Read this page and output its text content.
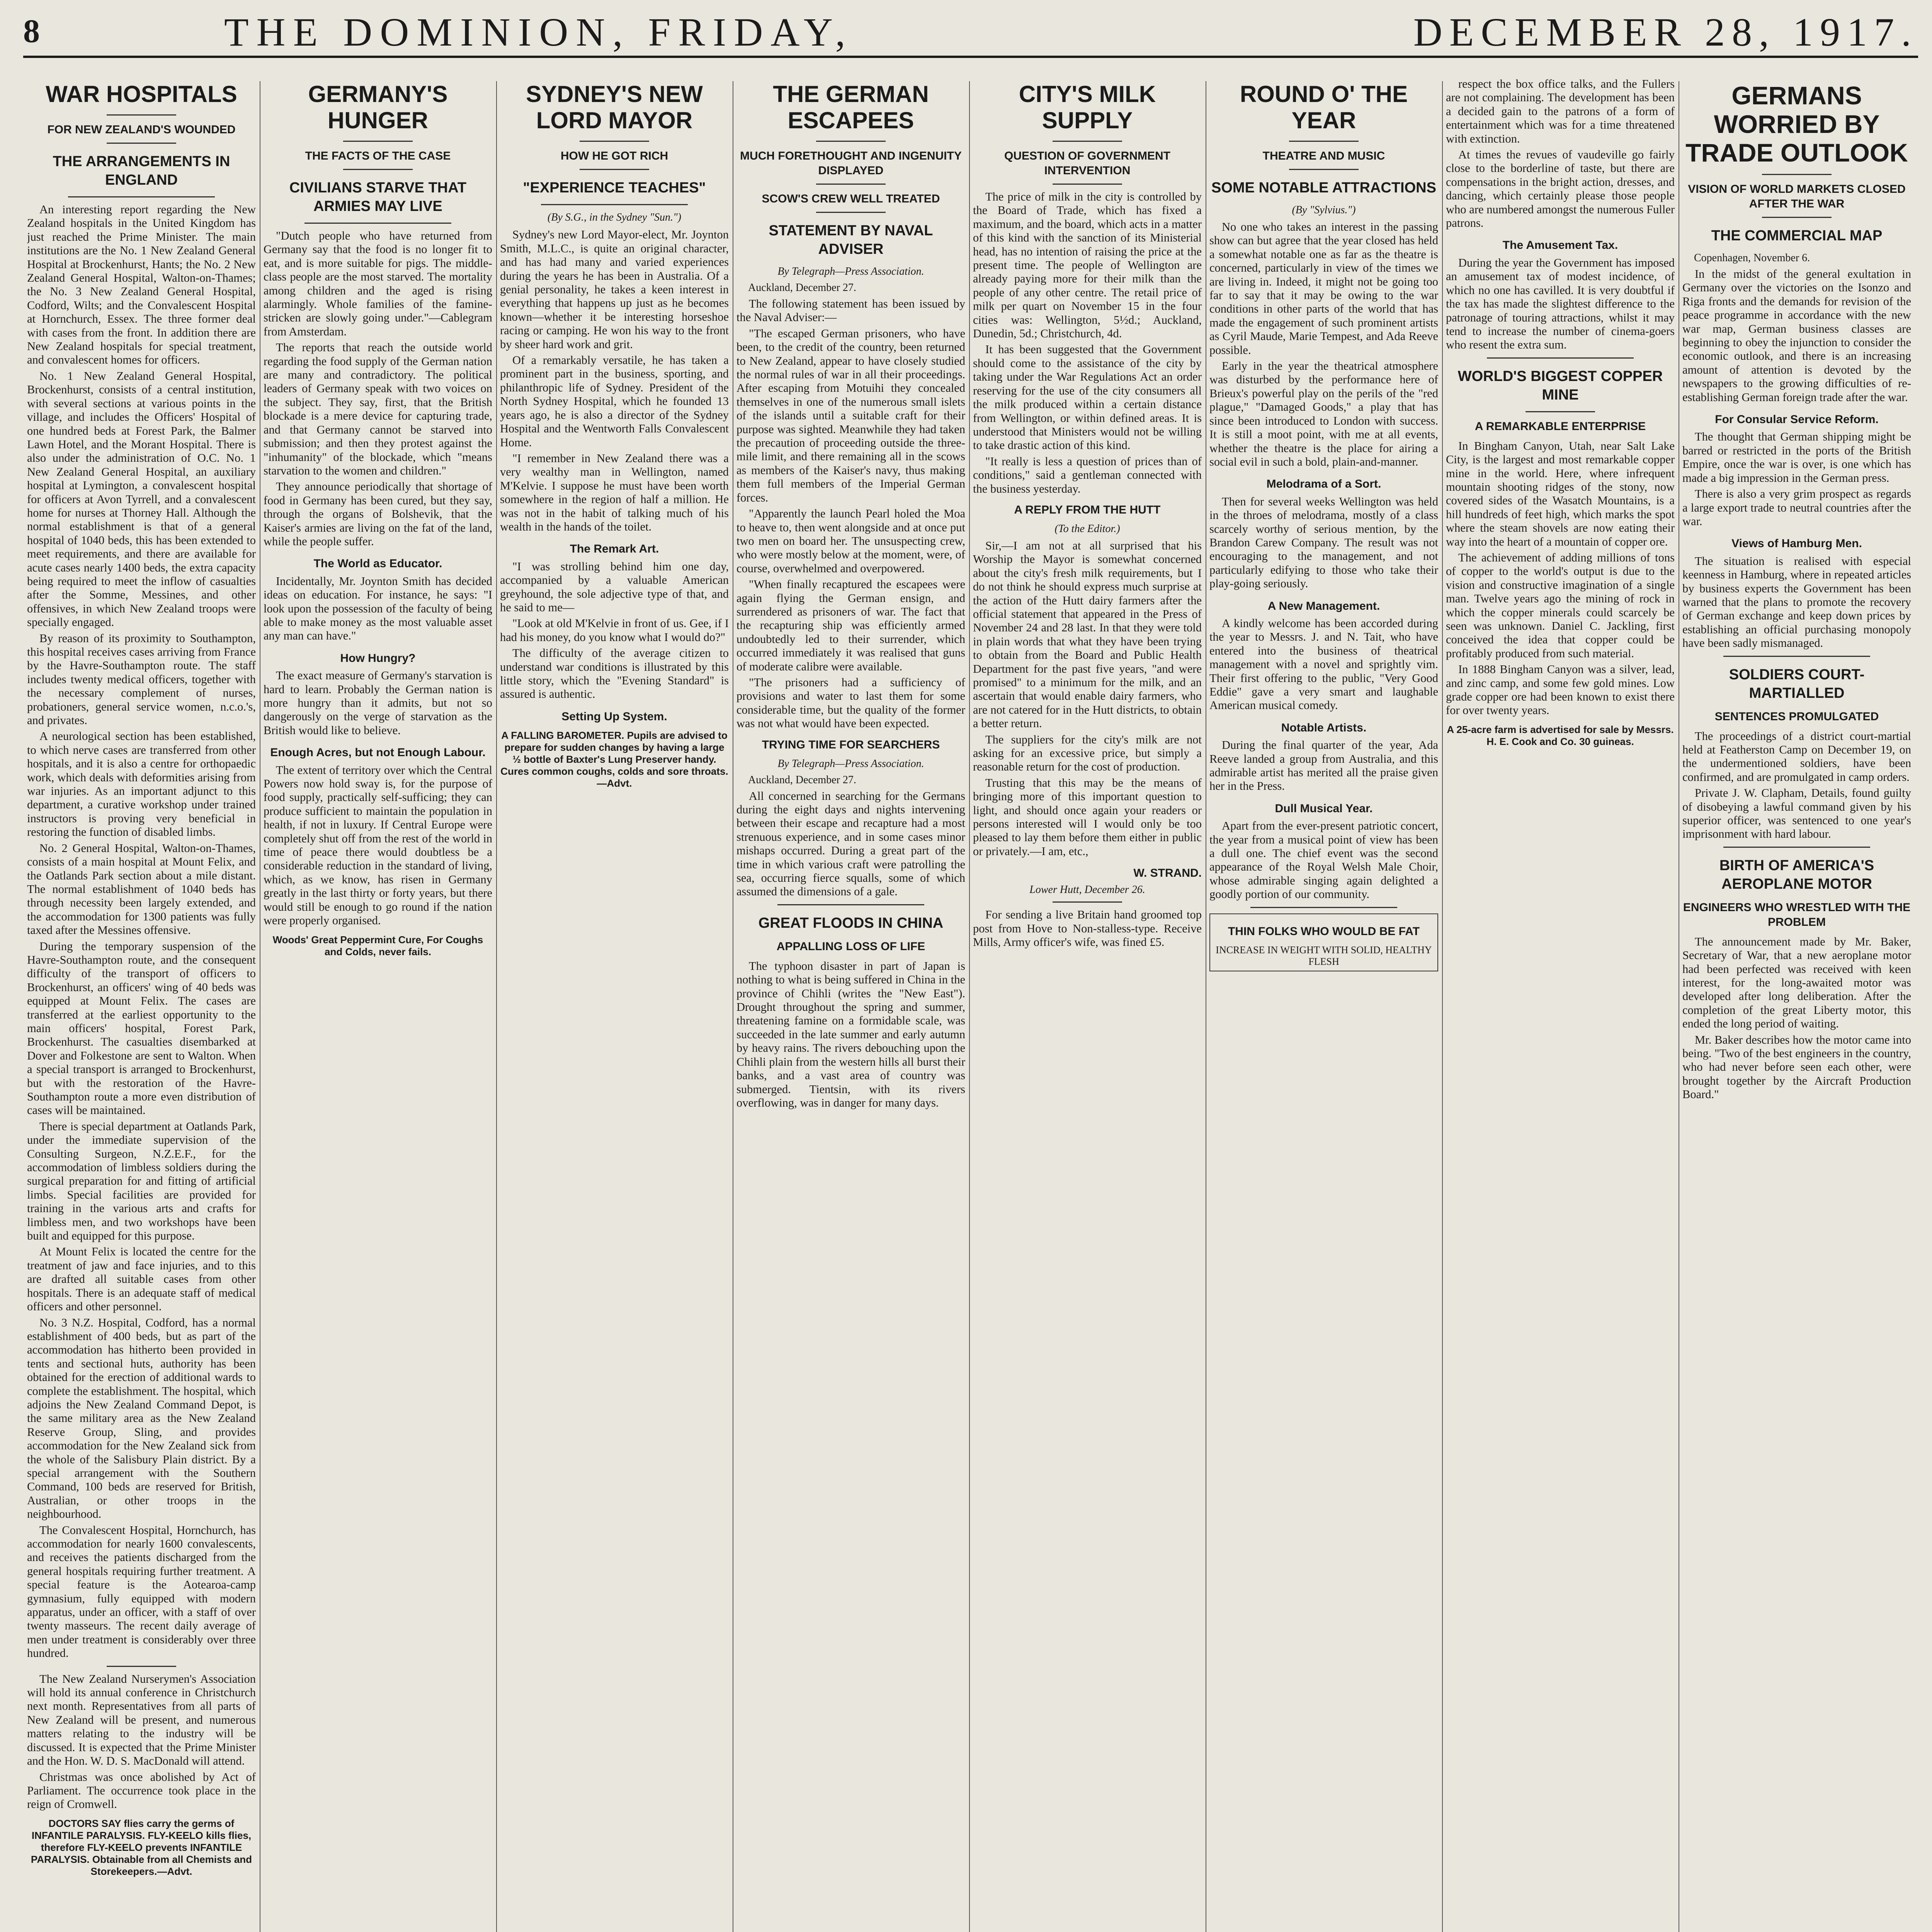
8	THE DOMINION, FRIDAY,	DECEMBER 28, 1917.
WAR HOSPITALS
FOR NEW ZEALAND'S WOUNDED
THE ARRANGEMENTS IN ENGLAND

An interesting report regarding the New Zealand hospitals in the United Kingdom has just reached the Prime Minister. The main institutions are the No. 1 New Zealand General Hospital at Brockenhurst, Hants; the No. 2 New Zealand General Hospital, Walton-on-Thames; the No. 3 New Zealand General Hospital, Codford, Wilts; and the Convalescent Hospital at Hornchurch, Essex. The three former deal with cases from the front. In addition there are New Zealand hospitals for special treatment, and convalescent homes for officers.

No. 1 New Zealand General Hospital, Brockenhurst, consists of a central institution, with several sections at various points in the village, and includes the Officers' Hospital of one hundred beds at Forest Park, the Balmer Lawn Hotel, and the Morant Hospital. There is also under the administration of O.C. No. 1 New Zealand General Hospital, an auxiliary hospital at Lymington, a convalescent hospital for officers at Avon Tyrrell, and a convalescent home for nurses at Thorney Hall. Although the normal establishment is that of a general hospital of 1040 beds, this has been extended to meet requirements, and there are available for acute cases nearly 1400 beds, the extra capacity being required to meet the inflow of casualties after the Somme, Messines, and other offensives, in which New Zealand troops were specially engaged.

By reason of its proximity to Southampton, this hospital receives cases arriving from France by the Havre-Southampton route. The staff includes twenty medical officers, together with the necessary complement of nurses, probationers, general service women, n.c.o.'s, and privates.

A neurological section has been established, to which nerve cases are transferred from other hospitals, and it is also a centre for orthopaedic work, which deals with deformities arising from war injuries. As an important adjunct to this department, a curative workshop under trained instructors is proving very beneficial in restoring the function of disabled limbs.

No. 2 General Hospital, Walton-on-Thames, consists of a main hospital at Mount Felix, and the Oatlands Park section about a mile distant. The normal establishment of 1040 beds has through necessity been largely extended, and the accommodation for 1300 patients was fully taxed after the Messines offensive.

During the temporary suspension of the Havre-Southampton route, and the consequent difficulty of the transport of officers to Brockenhurst, an officers' wing of 40 beds was equipped at Mount Felix. The cases are transferred at the earliest opportunity to the main officers' hospital, Forest Park, Brockenhurst. The casualties disembarked at Dover and Folkestone are sent to Walton. When a special transport is arranged to Brockenhurst, but with the restoration of the Havre-Southampton route a more even distribution of cases will be maintained.

There is special department at Oatlands Park, under the immediate supervision of the Consulting Surgeon, N.Z.E.F., for the accommodation of limbless soldiers during the surgical preparation for and fitting of artificial limbs. Special facilities are provided for training in the various arts and crafts for limbless men, and two workshops have been built and equipped for this purpose.

At Mount Felix is located the centre for the treatment of jaw and face injuries, and to this are drafted all suitable cases from other hospitals. There is an adequate staff of medical officers and other personnel.

No. 3 N.Z. Hospital, Codford, has a normal establishment of 400 beds, but as part of the accommodation has hitherto been provided in tents and sectional huts, authority has been obtained for the erection of additional wards to complete the establishment. The hospital, which adjoins the New Zealand Command Depot, is the same military area as the New Zealand Reserve Group, Sling, and provides accommodation for the New Zealand sick from the whole of the Salisbury Plain district. By a special arrangement with the Southern Command, 100 beds are reserved for British, Australian, or other troops in the neighbourhood.

The Convalescent Hospital, Hornchurch, has accommodation for nearly 1600 convalescents, and receives the patients discharged from the general hospitals requiring further treatment. A special feature is the Aotearoa-camp gymnasium, fully equipped with modern apparatus, under an officer, with a staff of over twenty masseurs. The recent daily average of men under treatment is considerably over three hundred.

The New Zealand Nurserymen's Association will hold its annual conference in Christchurch next month. Representatives from all parts of New Zealand will be present, and numerous matters relating to the industry will be discussed. It is expected that the Prime Minister and the Hon. W. D. S. MacDonald will attend.

Christmas was once abolished by Act of Parliament. The occurrence took place in the reign of Cromwell.

DOCTORS SAY flies carry the germs of INFANTILE PARALYSIS. FLY-KEELO kills flies, therefore FLY-KEELO prevents INFANTILE PARALYSIS. Obtainable from all Chemists and Storekeepers.—Advt.
GERMANY'S HUNGER
THE FACTS OF THE CASE
CIVILIANS STARVE THAT ARMIES MAY LIVE

"Dutch people who have returned from Germany say that the food is no longer fit to eat, and is more suitable for pigs. The middle-class people are the most starved. The mortality among children and the aged is rising alarmingly. Whole families of the famine-stricken are slowly going under."—Cablegram from Amsterdam.

The reports that reach the outside world regarding the food supply of the German nation are many and contradictory. The political leaders of Germany speak with two voices on the subject. They say, first, that the British blockade is a mere device for capturing trade, and that Germany cannot be starved into submission; and then they protest against the "inhumanity" of the blockade, which "means starvation to the women and children."

They announce periodically that shortage of food in Germany has been cured, but they say, through the organs of Bolshevik, that the Kaiser's armies are living on the fat of the land, while the people suffer.

The World as Educator.

Incidentally, Mr. Joynton Smith has decided ideas on education. For instance, he says: "I look upon the possession of the faculty of being able to make money as the most valuable asset any man can have."

How Hungry?

The exact measure of Germany's starvation is hard to learn. Probably the German nation is more hungry than it admits, but not so dangerously on the verge of starvation as the British would like to believe.

Enough Acres, but not Enough Labour.

The extent of territory over which the Central Powers now hold sway is, for the purpose of food supply, practically self-sufficing; they can produce sufficient to maintain the population in health, if not in luxury. If Central Europe were completely shut off from the rest of the world in time of peace there would doubtless be a considerable reduction in the standard of living, which, as we know, has risen in Germany greatly in the last thirty or forty years, but there would still be enough to go round if the nation were properly organised.

Woods' Great Peppermint Cure, For Coughs and Colds, never fails.
SYDNEY'S NEW LORD MAYOR
HOW HE GOT RICH
"EXPERIENCE TEACHES"
(By S.G., in the Sydney "Sun.")

Sydney's new Lord Mayor-elect, Mr. Joynton Smith, M.L.C., is quite an original character, and has had many and varied experiences during the years he has been in Australia. Of a genial personality, he takes a keen interest in everything that happens up just as he becomes known—whether it be interesting horseshoe racing or camping. He won his way to the front by sheer hard work and grit.

Of a remarkably versatile, he has taken a prominent part in the business, sporting, and philanthropic life of Sydney. President of the North Sydney Hospital, which he founded 13 years ago, he is also a director of the Sydney Hospital and the Wentworth Falls Convalescent Home.

"I remember in New Zealand there was a very wealthy man in Wellington, named M'Kelvie. I suppose he must have been worth somewhere in the region of half a million. He was not in the habit of talking much of his wealth in the hands of the toilet.

The Remark Art.

"I was strolling behind him one day, accompanied by a valuable American greyhound, the sole adjective type of that, and he said to me—

"Look at old M'Kelvie in front of us. Gee, if I had his money, do you know what I would do?"

The difficulty of the average citizen to understand war conditions is illustrated by this little story, which the "Evening Standard" is assured is authentic.

Setting Up System.
A FALLING BAROMETER. Pupils are advised to prepare for sudden changes by having a large ½ bottle of Baxter's Lung Preserver handy. Cures common coughs, colds and sore throats.—Advt.
THE GERMAN ESCAPEES
MUCH FORETHOUGHT AND INGENUITY DISPLAYED
SCOW'S CREW WELL TREATED
STATEMENT BY NAVAL ADVISER
By Telegraph—Press Association.
Auckland, December 27.

The following statement has been issued by the Naval Adviser:—

"The escaped German prisoners, who have been, to the credit of the country, been returned to New Zealand, appear to have closely studied the normal rules of war in all their proceedings. After escaping from Motuihi they concealed themselves in one of the numerous small islets of the islands until a suitable craft for their purpose was sighted. Meanwhile they had taken the precaution of proceeding outside the three-mile limit, and there remaining all in the scows as members of the Kaiser's navy, thus making them full members of the Imperial German forces.

"Apparently the launch Pearl holed the Moa to heave to, then went alongside and at once put two men on board her. The unsuspecting crew, who were mostly below at the moment, were, of course, overwhelmed and overpowered.

"When finally recaptured the escapees were again flying the German ensign, and surrendered as prisoners of war. The fact that the recapturing ship was efficiently armed undoubtedly led to their surrender, which occurred immediately it was realised that guns of moderate calibre were available.

"The prisoners had a sufficiency of provisions and water to last them for some considerable time, but the quality of the former was not what would have been expected.

TRYING TIME FOR SEARCHERS
By Telegraph—Press Association.
Auckland, December 27.

All concerned in searching for the Germans during the eight days and nights intervening between their escape and recapture had a most strenuous experience, and in some cases minor mishaps occurred. During a great part of the time in which various craft were patrolling the sea, occurring fierce squalls, some of which assumed the dimensions of a gale.

GREAT FLOODS IN CHINA
APPALLING LOSS OF LIFE

The typhoon disaster in part of Japan is nothing to what is being suffered in China in the province of Chihli (writes the "New East"). Drought throughout the spring and summer, threatening famine on a formidable scale, was succeeded in the late summer and early autumn by heavy rains. The rivers debouching upon the Chihli plain from the western hills all burst their banks, and a vast area of country was submerged. Tientsin, with its rivers overflowing, was in danger for many days.

CITY'S MILK SUPPLY
QUESTION OF GOVERNMENT INTERVENTION

The price of milk in the city is controlled by the Board of Trade, which has fixed a maximum, and the board, which acts in a matter of this kind with the sanction of its Ministerial head, has no intention of raising the price at the present time. The people of Wellington are already paying more for their milk than the people of any other centre. The retail price of milk per quart on November 15 in the four cities was: Wellington, 5½d.; Auckland, Dunedin, 5d.; Christchurch, 4d.

It has been suggested that the Government should come to the assistance of the city by taking under the War Regulations Act an order reserving for the use of the city consumers all the milk produced within a certain distance from Wellington, or within defined areas. It is understood that Ministers would not be willing to take drastic action of this kind.

"It really is less a question of prices than of conditions," said a gentleman connected with the business yesterday.

A REPLY FROM THE HUTT
(To the Editor.)

Sir,—I am not at all surprised that his Worship the Mayor is somewhat concerned about the city's fresh milk requirements, but I do not think he should express much surprise at the action of the Hutt dairy farmers after the official statement that appeared in the Press of November 24 and 28 last. In that they were told in plain words that what they have been trying to obtain from the Board and Public Health Department for the past five years, "and were promised" to a minimum for the milk, and an ascertain that would enable dairy farmers, who are not catered for in the Hutt districts, to obtain a better return.

The suppliers for the city's milk are not asking for an excessive price, but simply a reasonable return for the cost of production.

Trusting that this may be the means of bringing more of this important question to light, and should once again your readers or persons interested will I would only be too pleased to lay them before them either in public or privately.—I am, etc.,

W. STRAND.
Lower Hutt, December 26.

For sending a live Britain hand groomed top post from Hove to Non-stalless-type. Receive Mills, Army officer's wife, was fined £5.

ROUND O' THE YEAR
THEATRE AND MUSIC
SOME NOTABLE ATTRACTIONS
(By "Sylvius.")

No one who takes an interest in the passing show can but agree that the year closed has held a somewhat notable one as far as the theatre is concerned, particularly in view of the times we are living in. Indeed, it might not be going too far to say that it may be owing to the war conditions in other parts of the world that has made the engagement of such prominent artists as Cyril Maude, Marie Tempest, and Ada Reeve possible.

Early in the year the theatrical atmosphere was disturbed by the performance here of Brieux's powerful play on the perils of the "red plague," "Damaged Goods," a play that has since been introduced to London with success. It is still a moot point, with me at all events, whether the theatre is the place for airing a social evil in such a bold, plain-and-manner.

Melodrama of a Sort.

Then for several weeks Wellington was held in the throes of melodrama, mostly of a class scarcely worthy of serious mention, by the Brandon Carew Company. The result was not encouraging to the management, and not particularly edifying to those who take their play-going seriously.

A New Management.

A kindly welcome has been accorded during the year to Messrs. J. and N. Tait, who have entered into the business of theatrical management with a novel and sprightly vim. Their first offering to the public, "Very Good Eddie" gave a very smart and laughable American musical comedy.

Notable Artists.

During the final quarter of the year, Ada Reeve landed a group from Australia, and this admirable artist has merited all the praise given her in the Press.

Dull Musical Year.

Apart from the ever-present patriotic concert, the year from a musical point of view has been a dull one. The chief event was the second appearance of the Royal Welsh Male Choir, whose admirable singing again delighted a goodly portion of our community.

THIN FOLKS WHO WOULD BE FAT
INCREASE IN WEIGHT WITH SOLID, HEALTHY FLESH

respect the box office talks, and the Fullers are not complaining. The development has been a decided gain to the patrons of a form of entertainment which was for a time threatened with extinction.

At times the revues of vaudeville go fairly close to the borderline of taste, but there are compensations in the bright action, dresses, and dancing, which certainly please those people who are numbered amongst the numerous Fuller patrons.

The Amusement Tax.

During the year the Government has imposed an amusement tax of modest incidence, of which no one has cavilled. It is very doubtful if the tax has made the slightest difference to the patronage of touring attractions, whilst it may tend to increase the number of cinema-goers who resent the extra sum.

WORLD'S BIGGEST COPPER MINE
A REMARKABLE ENTERPRISE

In Bingham Canyon, Utah, near Salt Lake City, is the largest and most remarkable copper mine in the world. Here, where infrequent mountain shooting ridges of the stony, now covered sides of the Wasatch Mountains, is a hill hundreds of feet high, which marks the spot where the steam shovels are now eating their way into the heart of a mountain of copper ore.

The achievement of adding millions of tons of copper to the world's output is due to the vision and constructive imagination of a single man. Twelve years ago the mining of rock in which the copper minerals could scarcely be seen was unknown. Daniel C. Jackling, first conceived the idea that copper could be profitably produced from such material.

In 1888 Bingham Canyon was a silver, lead, and zinc camp, and some few gold mines. Low grade copper ore had been known to exist there for over twenty years.

A 25-acre farm is advertised for sale by Messrs. H. E. Cook and Co. 30 guineas.
GERMANS WORRIED BY TRADE OUTLOOK
VISION OF WORLD MARKETS CLOSED AFTER THE WAR
THE COMMERCIAL MAP
Copenhagen, November 6.

In the midst of the general exultation in Germany over the victories on the Isonzo and Riga fronts and the demands for revision of the peace programme in accordance with the new war map, German business classes are beginning to obey the injunction to consider the economic outlook, and there is an increasing amount of attention is devoted by the newspapers to the growing difficulties of re-establishing German foreign trade after the war.

For Consular Service Reform.

The thought that German shipping might be barred or restricted in the ports of the British Empire, once the war is over, is one which has made a big impression in the German press.

There is also a very grim prospect as regards a large export trade to neutral countries after the war.

Views of Hamburg Men.

The situation is realised with especial keenness in Hamburg, where in repeated articles by business experts the Government has been warned that the plans to promote the recovery of German exchange and keep down prices by establishing an official purchasing monopoly have been sadly mismanaged.

SOLDIERS COURT-MARTIALLED
SENTENCES PROMULGATED

The proceedings of a district court-martial held at Featherston Camp on December 19, on the undermentioned soldiers, have been confirmed, and are promulgated in camp orders.

Private J. W. Clapham, Details, found guilty of disobeying a lawful command given by his superior officer, was sentenced to one year's imprisonment with hard labour.

BIRTH OF AMERICA'S AEROPLANE MOTOR
ENGINEERS WHO WRESTLED WITH THE PROBLEM

The announcement made by Mr. Baker, Secretary of War, that a new aeroplane motor had been perfected was received with keen interest, for the long-awaited motor was developed after long deliberation. After the completion of the great Liberty motor, this ended the long period of waiting.

Mr. Baker describes how the motor came into being. "Two of the best engineers in the country, who had never before seen each other, were brought together by the Aircraft Production Board."
